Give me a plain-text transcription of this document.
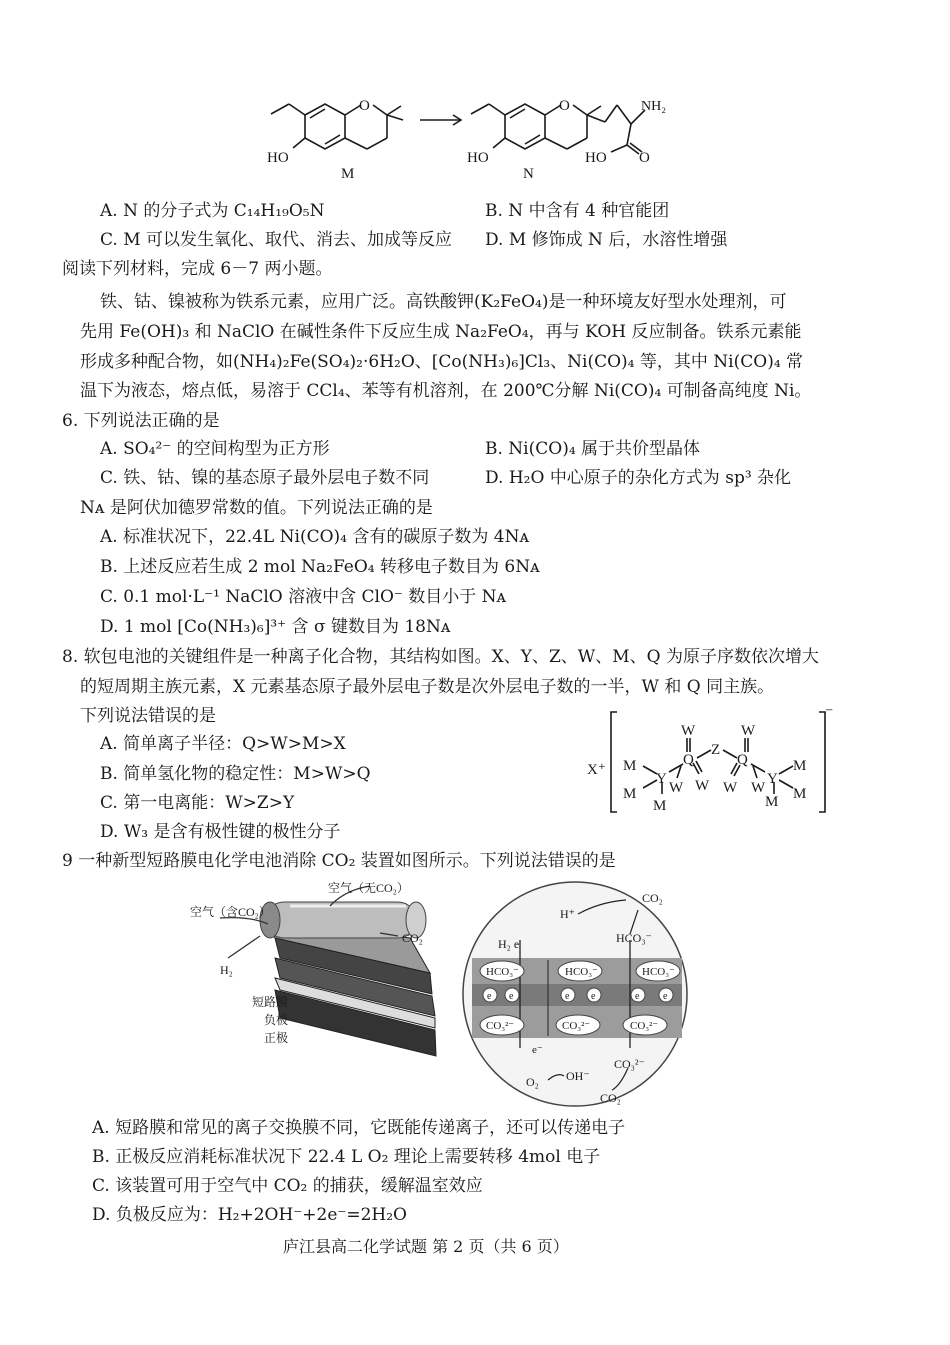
HO
O
M
HO
O	NH₂
HO O
N
A. N 的分子式为 C₁₄H₁₉O₅N	B. N 中含有 4 种官能团
C. M 可以发生氧化、取代、消去、加成等反应 D. M 修饰成 N 后，水溶性增强
阅读下列材料，完成 6－7 两小题。
铁、钴、镍被称为铁系元素，应用广泛。高铁酸钾(K₂FeO₄)是一种环境友好型水处理剂，可
先用 Fe(OH)₃ 和 NaClO 在碱性条件下反应生成 Na₂FeO₄，再与 KOH 反应制备。铁系元素能
形成多种配合物，如(NH₄)₂Fe(SO₄)₂·6H₂O、[Co(NH₃)₆]Cl₃、Ni(CO)₄ 等，其中 Ni(CO)₄ 常
温下为液态，熔点低，易溶于 CCl₄、苯等有机溶剂，在 200℃分解 Ni(CO)₄ 可制备高纯度 Ni。
6. 下列说法正确的是
A. SO₄²⁻ 的空间构型为正方形	B. Ni(CO)₄ 属于共价型晶体
C. 铁、钴、镍的基态原子最外层电子数不同	D. H₂O 中心原子的杂化方式为 sp³ 杂化
Nᴀ 是阿伏加德罗常数的值。下列说法正确的是
A. 标准状况下，22.4L Ni(CO)₄ 含有的碳原子数为 4Nᴀ
B. 上述反应若生成 2 mol Na₂FeO₄ 转移电子数目为 6Nᴀ
C. 0.1 mol·L⁻¹ NaClO 溶液中含 ClO⁻ 数目小于 Nᴀ
D. 1 mol [Co(NH₃)₆]³⁺ 含 σ 键数目为 18Nᴀ
8. 软包电池的关键组件是一种离子化合物，其结构如图。X、Y、Z、W、M、Q 为原子序数依次增大
的短周期主族元素，X 元素基态原子最外层电子数是次外层电子数的一半，W 和 Q 同主族。
下列说法错误的是
A. 简单离子半径：Q>W>M>X
B. 简单氢化物的稳定性：M>W>Q
C. 第一电离能：W>Z>Y
D. W₃ 是含有极性键的极性分子
X⁺ M
M
M
Y
W
Q
W W
Z
W
Q
W W
Y
M
M
M
⁻
9 一种新型短路膜电化学电池消除 CO₂ 装置如图所示。下列说法错误的是
空气（含CO₂）
空气（无CO₂）
CO₂
H₂
短路膜
负极
正极
HCO₃⁻	HCO₃⁻	HCO₃⁻
CO₃²⁻	CO₃²⁻	CO₃²⁻
e e	e e	e e
H⁺
CO₂
H₂ e	HCO₃⁻
e⁻
O₂ OH⁻
CO₂
CO₃²⁻
A. 短路膜和常见的离子交换膜不同，它既能传递离子，还可以传递电子
B. 正极反应消耗标准状况下 22.4 L O₂ 理论上需要转移 4mol 电子
C. 该装置可用于空气中 CO₂ 的捕获，缓解温室效应
D. 负极反应为：H₂+2OH⁻+2e⁻=2H₂O
庐江县高二化学试题 第 2 页（共 6 页）
